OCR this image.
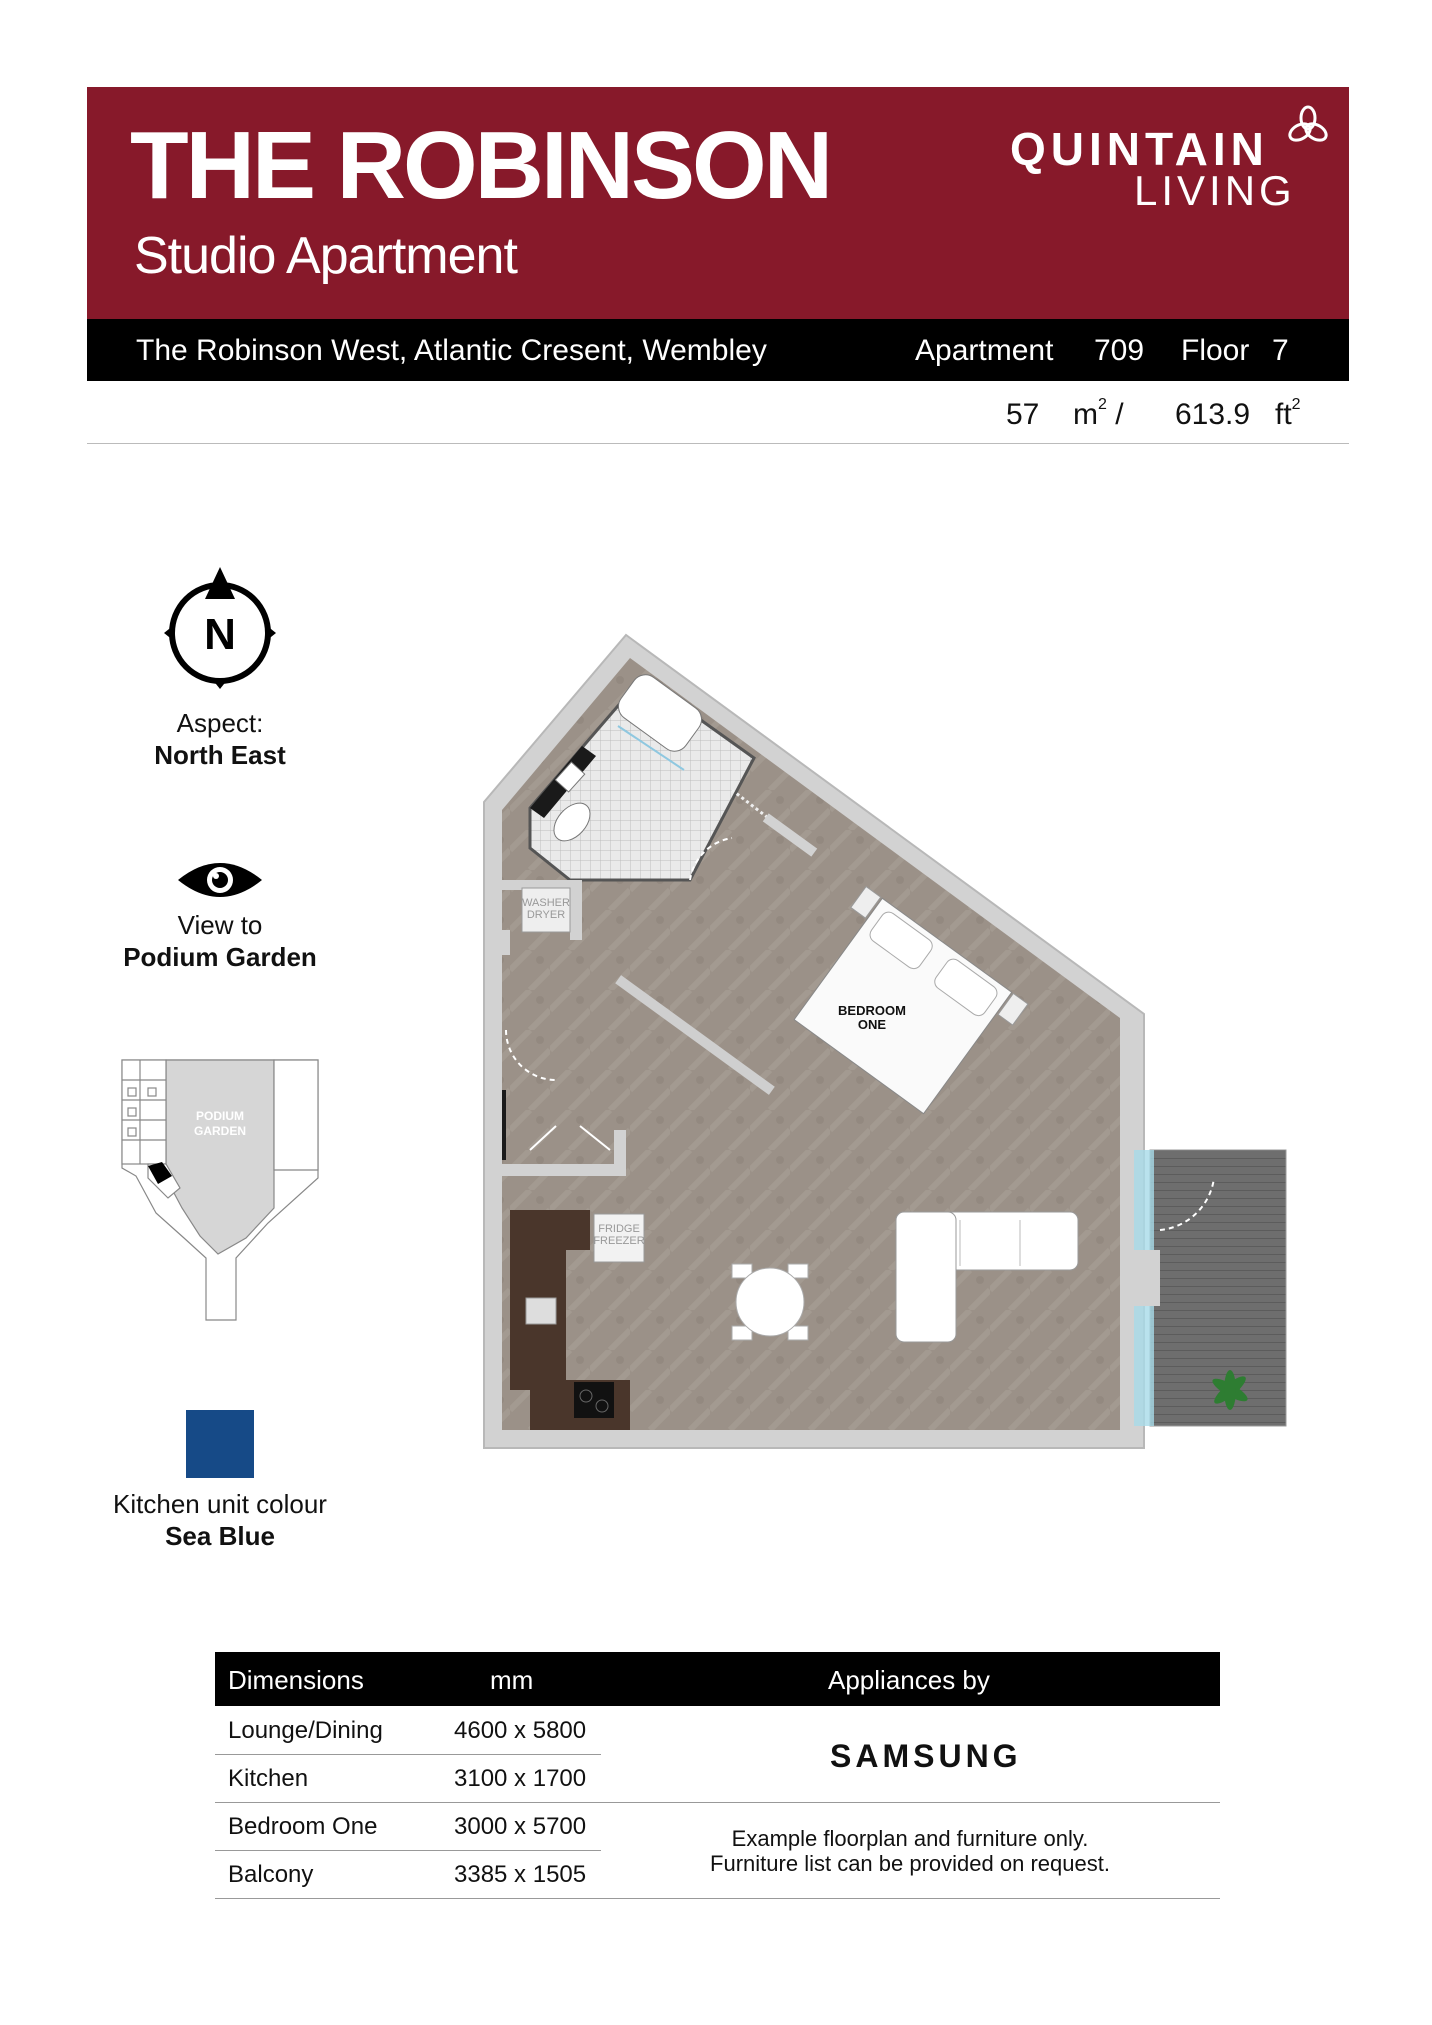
THE ROBINSON
Studio Apartment
QUINTAIN
LIVING
The Robinson West, Atlantic Cresent, Wembley	Apartment 709 Floor 7
57 $m^2 / 613.9$ $ft^2$
N
Aspect:
North East
View to
Podium Garden
PODIUM GARDEN
Kitchen unit colour
Sea Blue
WASHER DRYER
BEDROOM ONE
FRIDGE FREEZER
Dimensions	mm	Appliances by
Lounge/Dining	4600 x 5800
Kitchen	3100 x 1700
Bedroom One	3000 x 5700
Balcony	3385 x 1505
SAMSUNG
Example floorplan and furniture only.
Furniture list can be provided on request.
